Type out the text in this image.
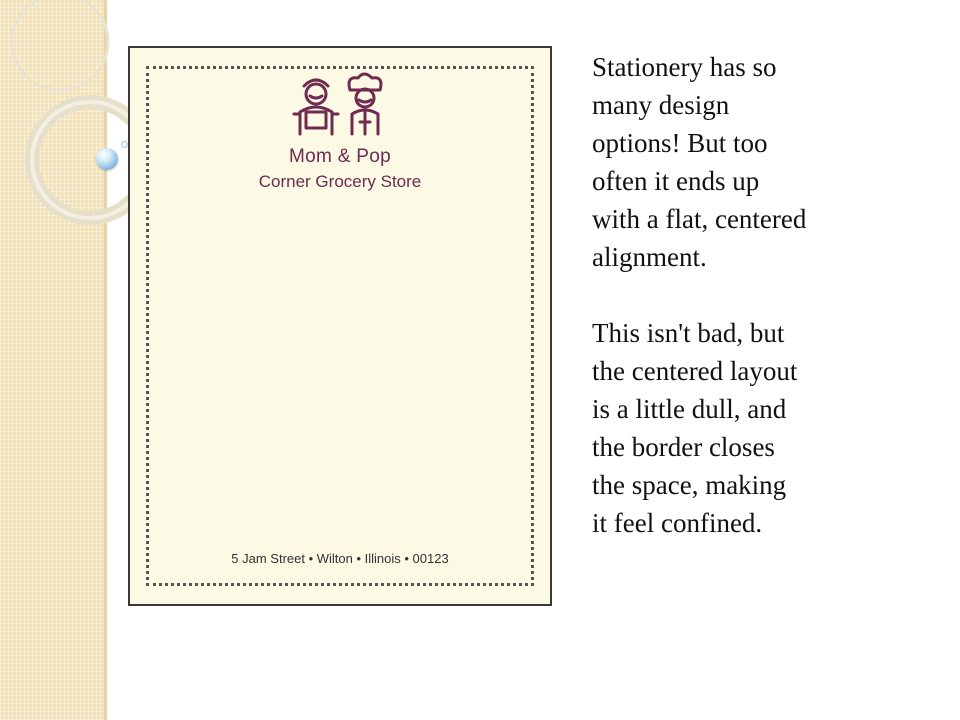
Mom & Pop
Corner Grocery Store
5 Jam Street • Wilton • Illinois • 00123

Stationery has so
many design
options! But too
often it ends up
with a flat, centered
alignment.

This isn't bad, but
the centered layout
is a little dull, and
the border closes
the space, making
it feel confined.
